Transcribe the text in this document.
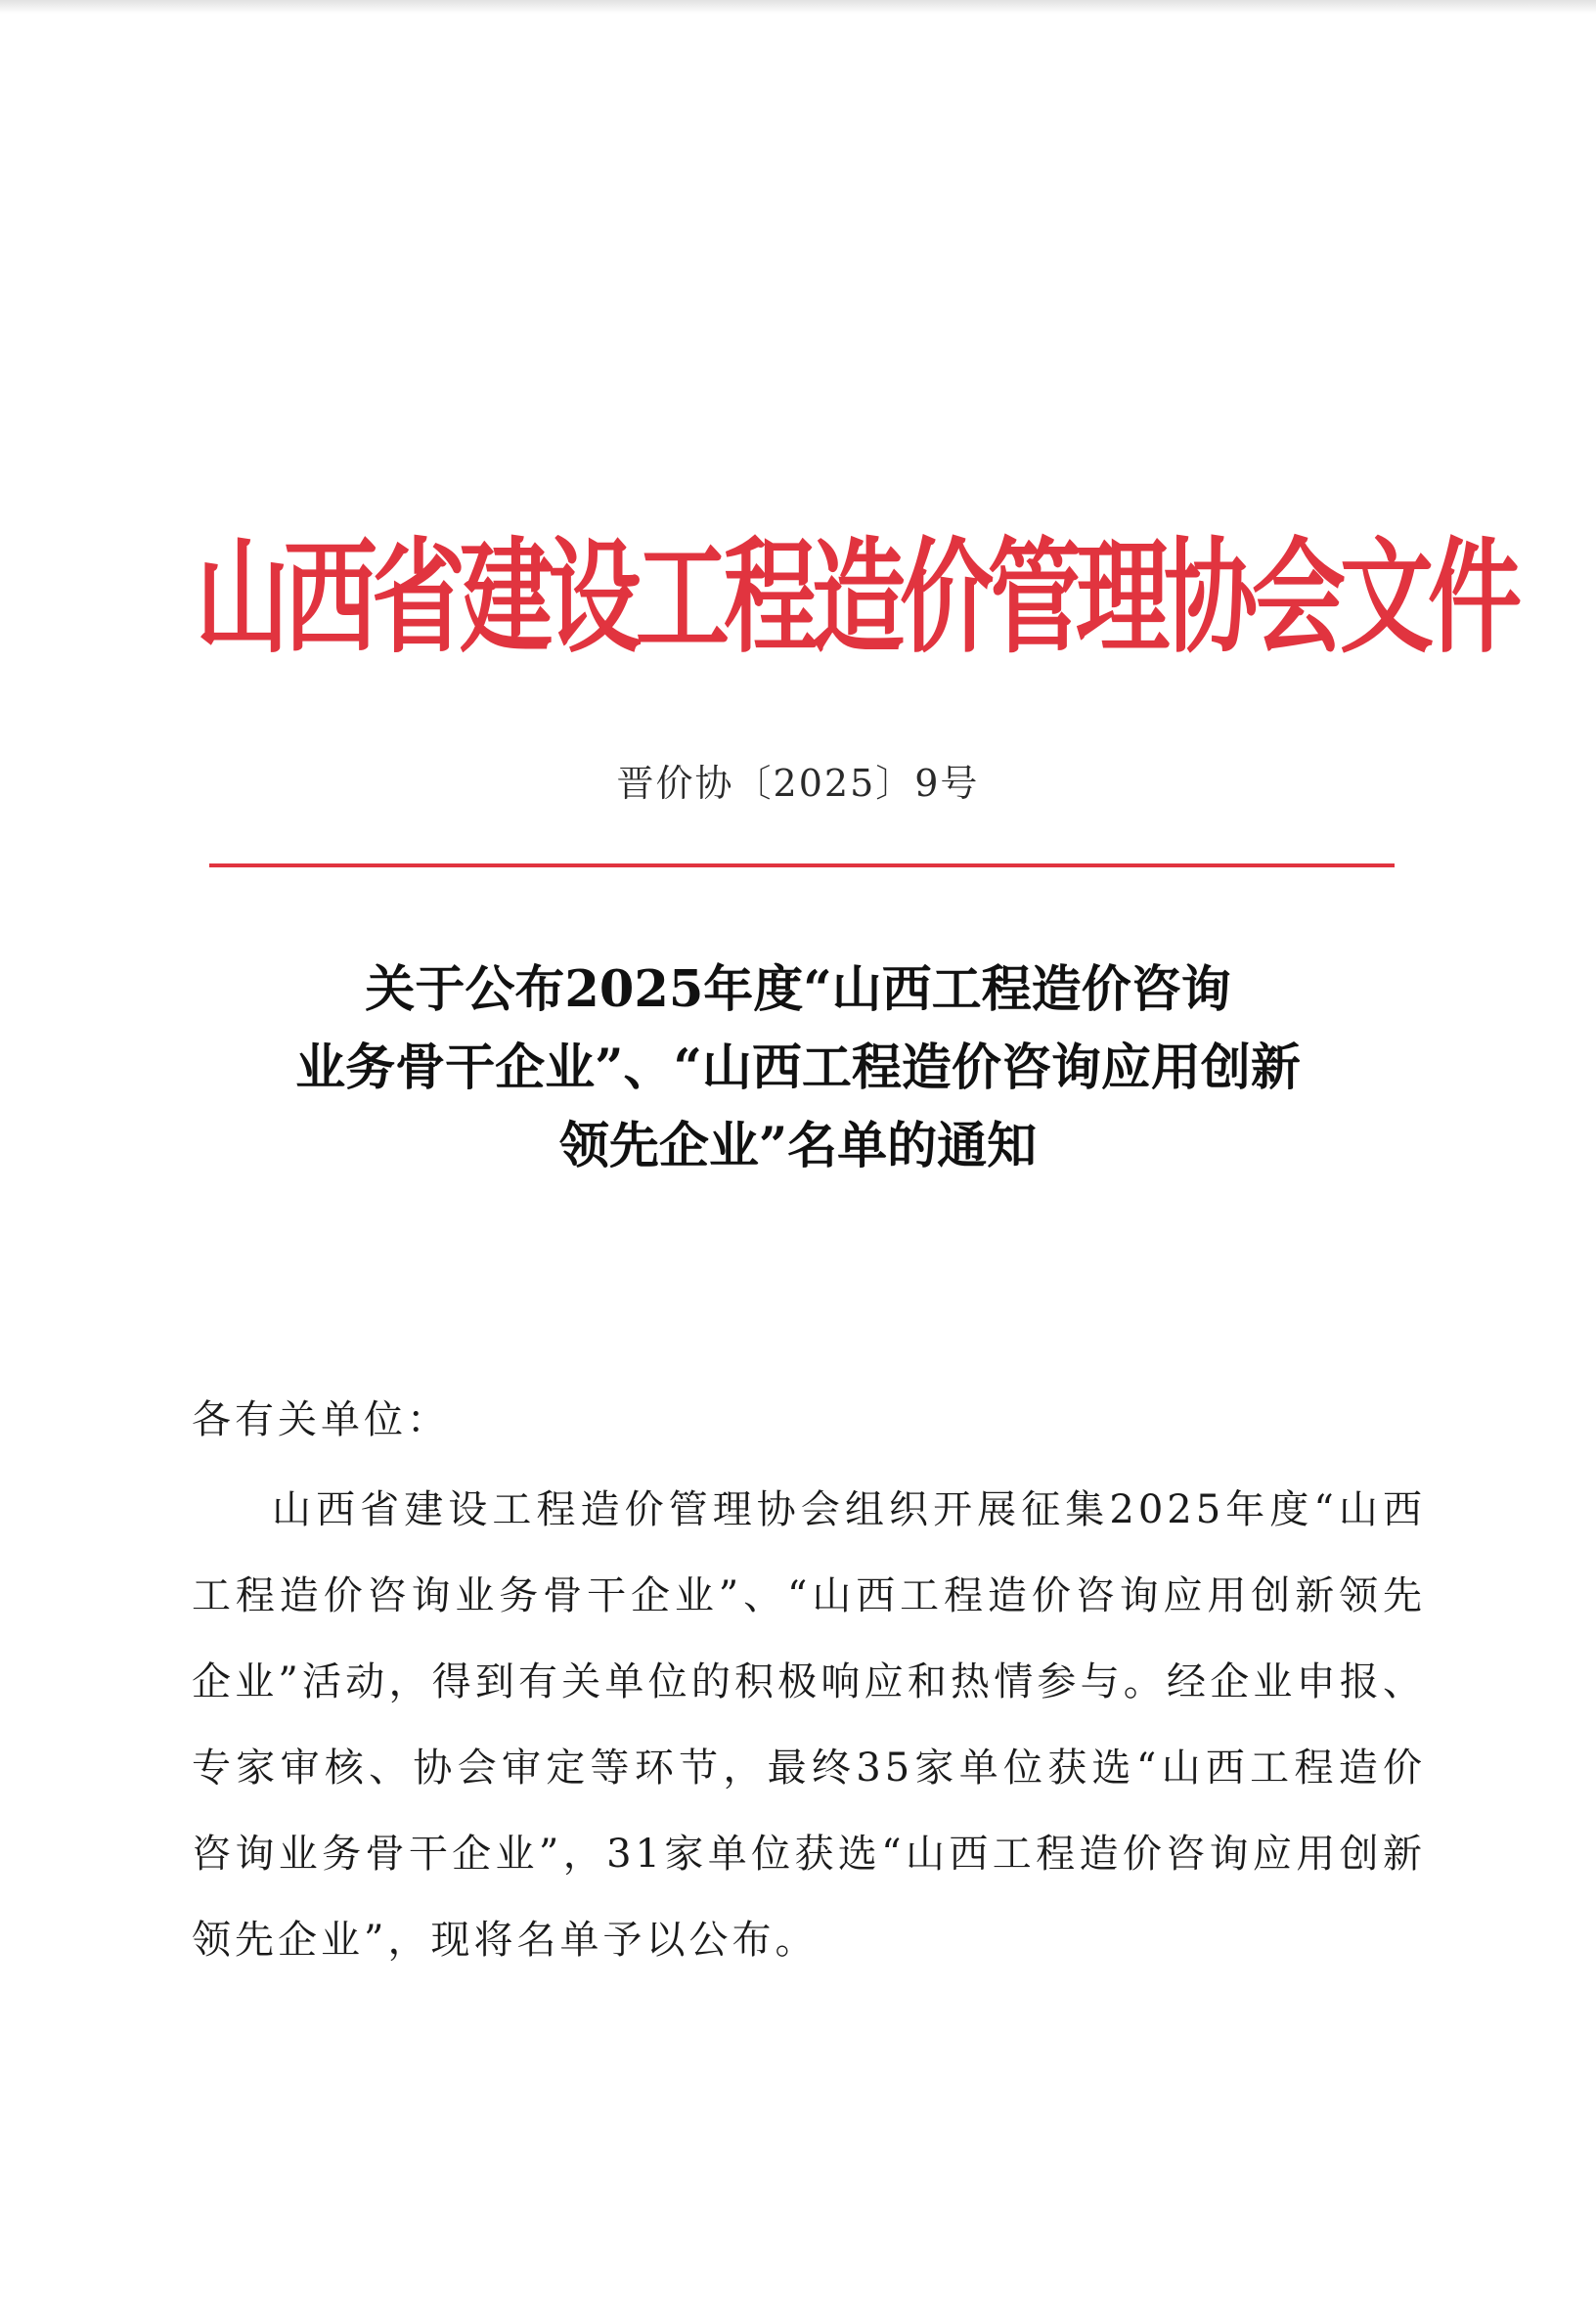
山西省建设工程造价管理协会文件
晋价协〔2025〕9号
关于公布2025年度“山西工程造价咨询
业务骨干企业”、“山西工程造价咨询应用创新
领先企业”名单的通知
各有关单位：

山西省建设工程造价管理协会组织开展征集2025年度“山西工程造价咨询业务骨干企业”、“山西工程造价咨询应用创新领先企业”活动，得到有关单位的积极响应和热情参与。经企业申报、专家审核、协会审定等环节，最终35家单位获选“山西工程造价咨询业务骨干企业”，31家单位获选“山西工程造价咨询应用创新领先企业”，现将名单予以公布。
